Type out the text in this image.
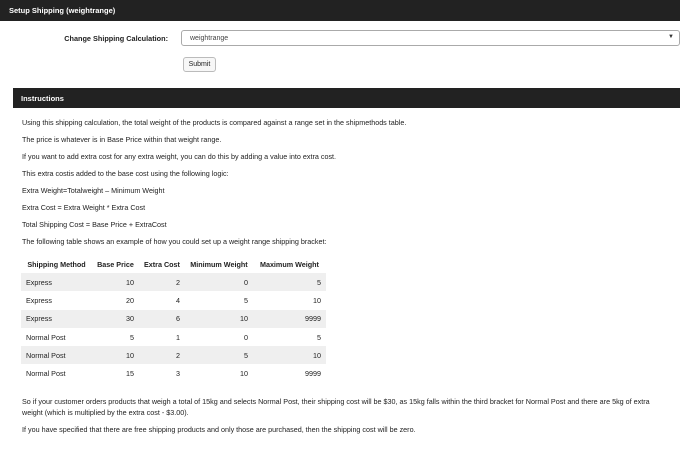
Setup Shipping (weightrange)
Change Shipping Calculation:	weightrange	▼
Submit
Instructions
Using this shipping calculation, the total weight of the products is compared against a range set in the shipmethods table.
The price is whatever is in Base Price within that weight range.
If you want to add extra cost for any extra weight, you can do this by adding a value into extra cost.
This extra costis added to the base cost using the following logic:
Extra Weight=Totalweight – Minimum Weight
Extra Cost = Extra Weight * Extra Cost
Total Shipping Cost = Base Price + ExtraCost
The following table shows an example of how you could set up a weight range shipping bracket:
Shipping Method	Base Price	Extra Cost	Minimum Weight	Maximum Weight
Express	10	2	0	5
Express	20	4	5	10
Express	30	6	10	9999
Normal Post	5	1	0	5
Normal Post	10	2	5	10
Normal Post	15	3	10	9999
So if your customer orders products that weigh a total of 15kg and selects Normal Post, their shipping cost will be $30, as 15kg falls within the third bracket for Normal Post and there are 5kg of extra weight (which is multiplied by the extra cost - $3.00).
If you have specified that there are free shipping products and only those are purchased, then the shipping cost will be zero.
